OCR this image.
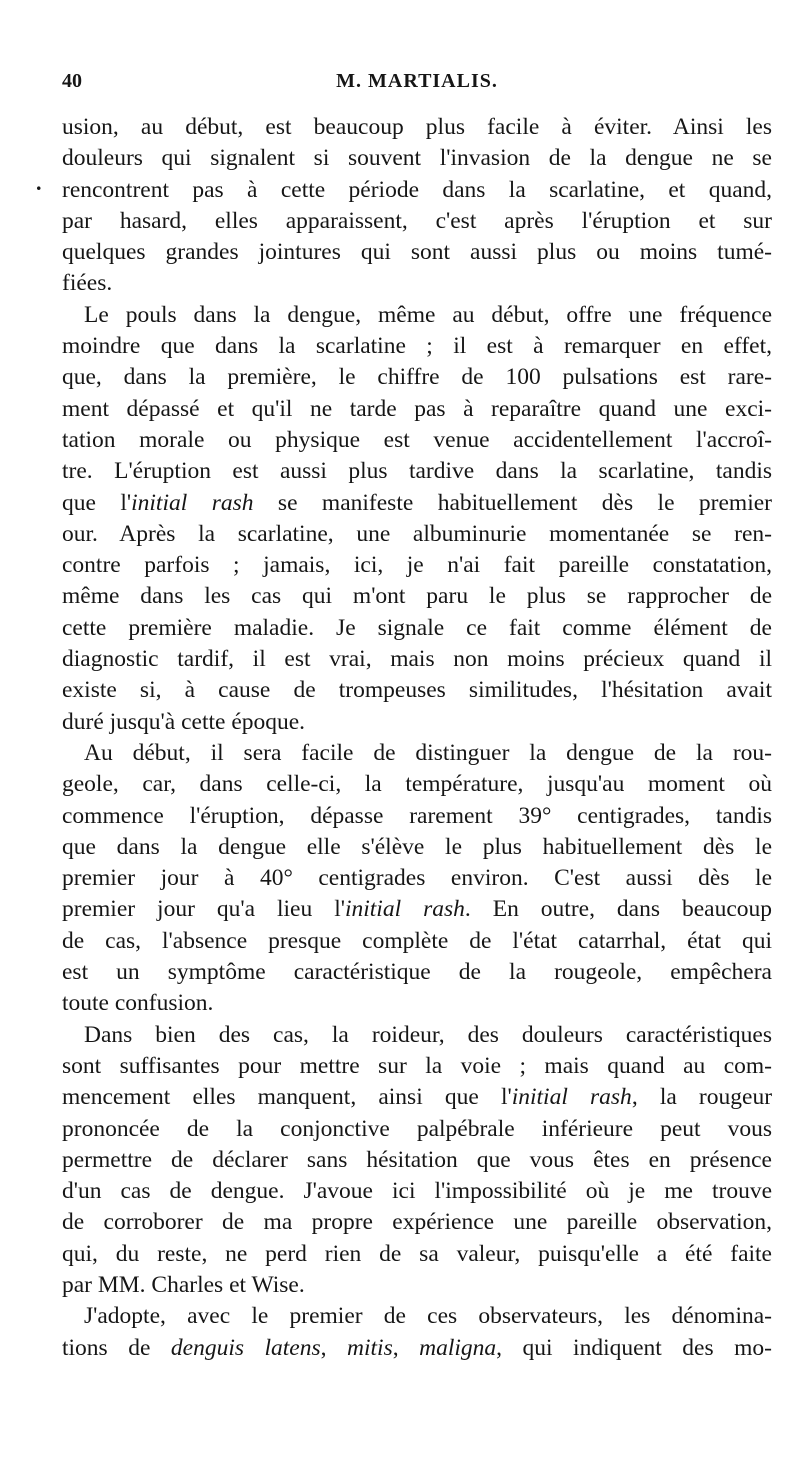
40	M. MARTIALIS.
.
usion, au début, est beaucoup plus facile à éviter. Ainsi les
douleurs qui signalent si souvent l'invasion de la dengue ne se
rencontrent pas à cette période dans la scarlatine, et quand,
par hasard, elles apparaissent, c'est après l'éruption et sur
quelques grandes jointures qui sont aussi plus ou moins tumé-
fiées.
Le pouls dans la dengue, même au début, offre une fréquence
moindre que dans la scarlatine ; il est à remarquer en effet,
que, dans la première, le chiffre de 100 pulsations est rare-
ment dépassé et qu'il ne tarde pas à reparaître quand une exci-
tation morale ou physique est venue accidentellement l'accroî-
tre. L'éruption est aussi plus tardive dans la scarlatine, tandis
que l'initial rash se manifeste habituellement dès le premier
our. Après la scarlatine, une albuminurie momentanée se ren-
contre parfois ; jamais, ici, je n'ai fait pareille constatation,
même dans les cas qui m'ont paru le plus se rapprocher de
cette première maladie. Je signale ce fait comme élément de
diagnostic tardif, il est vrai, mais non moins précieux quand il
existe si, à cause de trompeuses similitudes, l'hésitation avait
duré jusqu'à cette époque.
Au début, il sera facile de distinguer la dengue de la rou-
geole, car, dans celle-ci, la température, jusqu'au moment où
commence l'éruption, dépasse rarement 39° centigrades, tandis
que dans la dengue elle s'élève le plus habituellement dès le
premier jour à 40° centigrades environ. C'est aussi dès le
premier jour qu'a lieu l'initial rash. En outre, dans beaucoup
de cas, l'absence presque complète de l'état catarrhal, état qui
est un symptôme caractéristique de la rougeole, empêchera
toute confusion.
Dans bien des cas, la roideur, des douleurs caractéristiques
sont suffisantes pour mettre sur la voie ; mais quand au com-
mencement elles manquent, ainsi que l'initial rash, la rougeur
prononcée de la conjonctive palpébrale inférieure peut vous
permettre de déclarer sans hésitation que vous êtes en présence
d'un cas de dengue. J'avoue ici l'impossibilité où je me trouve
de corroborer de ma propre expérience une pareille observation,
qui, du reste, ne perd rien de sa valeur, puisqu'elle a été faite
par MM. Charles et Wise.
J'adopte, avec le premier de ces observateurs, les dénomina-
tions de denguis latens, mitis, maligna, qui indiquent des mo-
